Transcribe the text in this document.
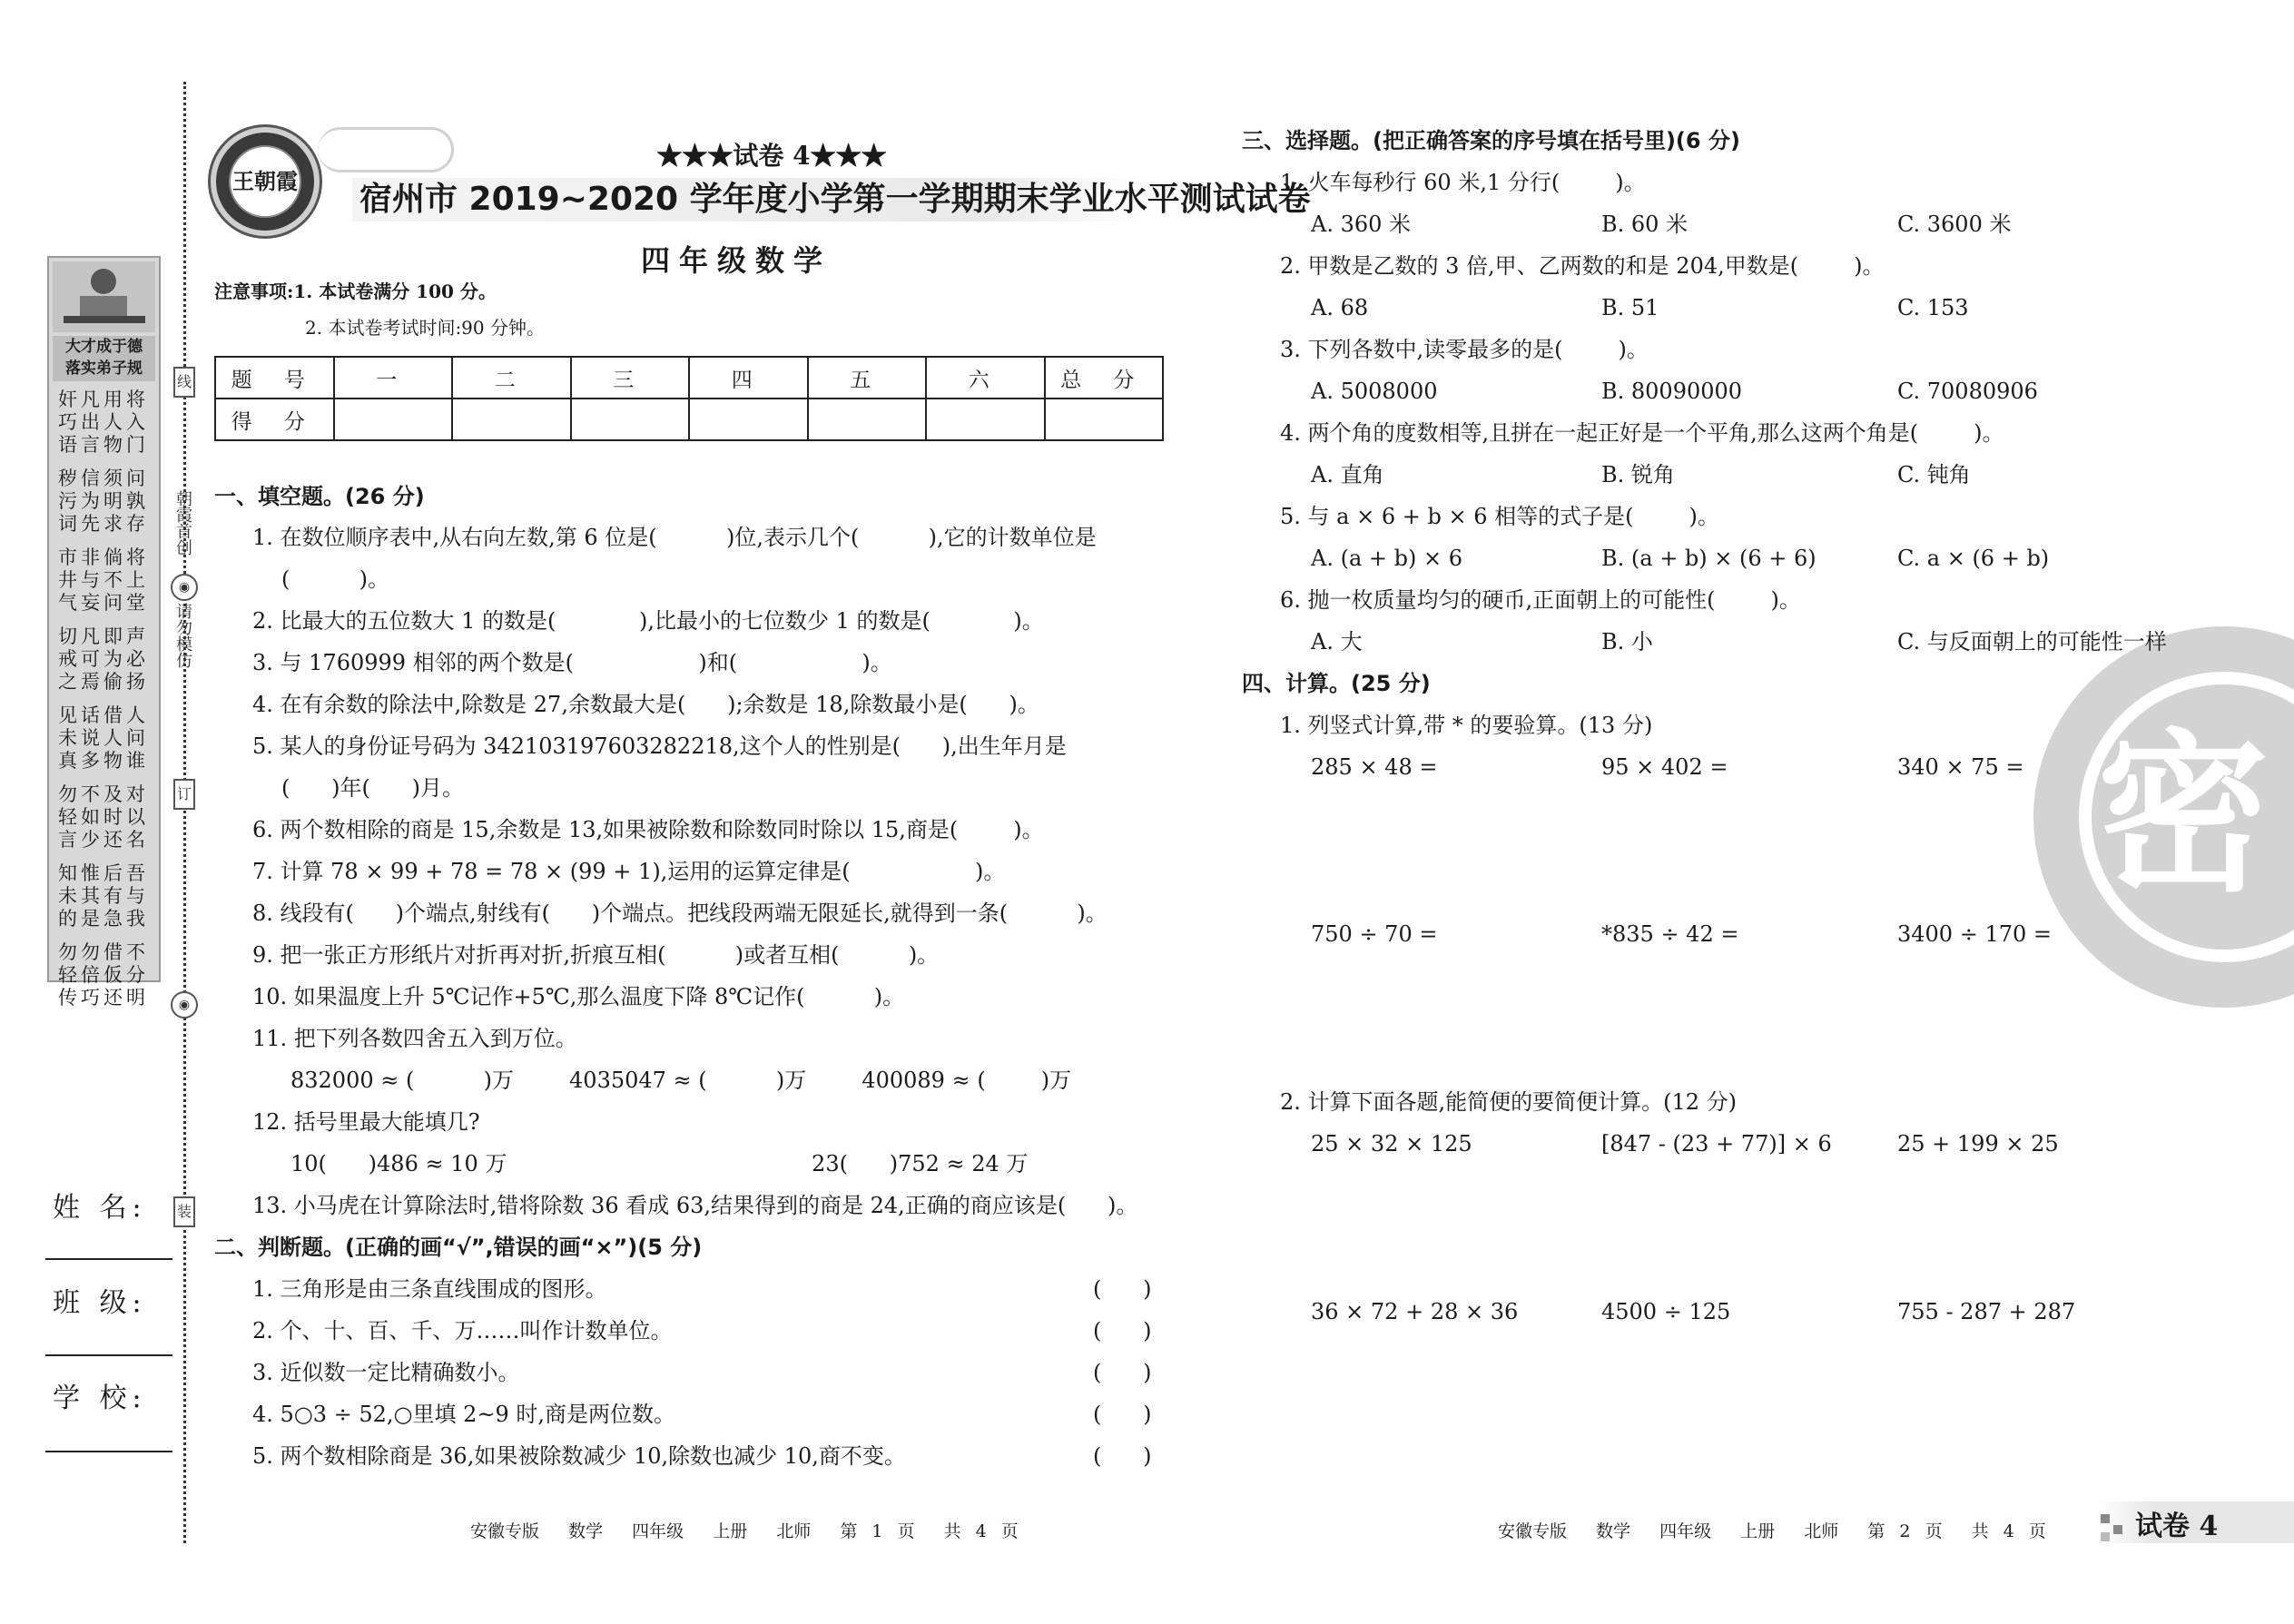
线
朝霞首创
◉
请勿模仿
订
◉
装
大才成于德
落实弟子规
奸凡用将
巧出人入
语言物门
秽信须问
污为明孰
词先求存
市非倘将
井与不上
气妄问堂
切凡即声
戒可为必
之焉偷扬
见话借人
未说人问
真多物谁
勿不及对
轻如时以
言少还名
知惟后吾
未其有与
的是急我
勿勿借不
轻倍仮分
传巧还明
姓 名:
班 级:
学 校:
王朝霞
★★★试卷 4★★★
宿州市 2019~2020 学年度小学第一学期期末学业水平测试试卷
四年级数学
注意事项:1. 本试卷满分 100 分。
2. 本试卷考试时间:90 分钟。
题 号	一	二	三	四	五	六	总 分
得 分							
一、填空题。(26 分)
1. 在数位顺序表中,从右向左数,第 6 位是(          )位,表示几个(          ),它的计数单位是
(          )。
2. 比最大的五位数大 1 的数是(            ),比最小的七位数少 1 的数是(            )。
3. 与 1760999 相邻的两个数是(                  )和(                  )。
4. 在有余数的除法中,除数是 27,余数最大是(      );余数是 18,除数最小是(      )。
5. 某人的身份证号码为 342103197603282218,这个人的性别是(      ),出生年月是
(      )年(      )月。
6. 两个数相除的商是 15,余数是 13,如果被除数和除数同时除以 15,商是(        )。
7. 计算 78 × 99 + 78 = 78 × (99 + 1),运用的运算定律是(                  )。
8. 线段有(      )个端点,射线有(      )个端点。把线段两端无限延长,就得到一条(          )。
9. 把一张正方形纸片对折再对折,折痕互相(          )或者互相(          )。
10. 如果温度上升 5℃记作+5℃,那么温度下降 8℃记作(          )。
11. 把下列各数四舍五入到万位。
832000 ≈ (          )万        4035047 ≈ (          )万        400089 ≈ (        )万
12. 括号里最大能填几?
10(      )486 ≈ 10 万                                            23(      )752 ≈ 24 万
13. 小马虎在计算除法时,错将除数 36 看成 63,结果得到的商是 24,正确的商应该是(      )。
二、判断题。(正确的画“√”,错误的画“×”)(5 分)
1. 三角形是由三条直线围成的图形。	(      )
2. 个、十、百、千、万……叫作计数单位。	(      )
3. 近似数一定比精确数小。	(      )
4. 5○3 ÷ 52,○里填 2~9 时,商是两位数。	(      )
5. 两个数相除商是 36,如果被除数减少 10,除数也减少 10,商不变。	(      )
密
三、选择题。(把正确答案的序号填在括号里)(6 分)
1. 火车每秒行 60 米,1 分行(        )。
A. 360 米	B. 60 米	C. 3600 米
2. 甲数是乙数的 3 倍,甲、乙两数的和是 204,甲数是(        )。
A. 68	B. 51	C. 153
3. 下列各数中,读零最多的是(        )。
A. 5008000	B. 80090000	C. 70080906
4. 两个角的度数相等,且拼在一起正好是一个平角,那么这两个角是(        )。
A. 直角	B. 锐角	C. 钝角
5. 与 a × 6 + b × 6 相等的式子是(        )。
A. (a + b) × 6	B. (a + b) × (6 + 6)	C. a × (6 + b)
6. 抛一枚质量均匀的硬币,正面朝上的可能性(        )。
A. 大	B. 小	C. 与反面朝上的可能性一样
四、计算。(25 分)
1. 列竖式计算,带 * 的要验算。(13 分)
285 × 48 =	95 × 402 =	340 × 75 =
750 ÷ 70 =	*835 ÷ 42 =	3400 ÷ 170 =
2. 计算下面各题,能简便的要简便计算。(12 分)
25 × 32 × 125	[847 - (23 + 77)] × 6	25 + 199 × 25
36 × 72 + 28 × 36	4500 ÷ 125	755 - 287 + 287
安徽专版  数学  四年级  上册  北师  第 1 页  共 4 页	安徽专版  数学  四年级  上册  北师  第 2 页  共 4 页	试卷 4
